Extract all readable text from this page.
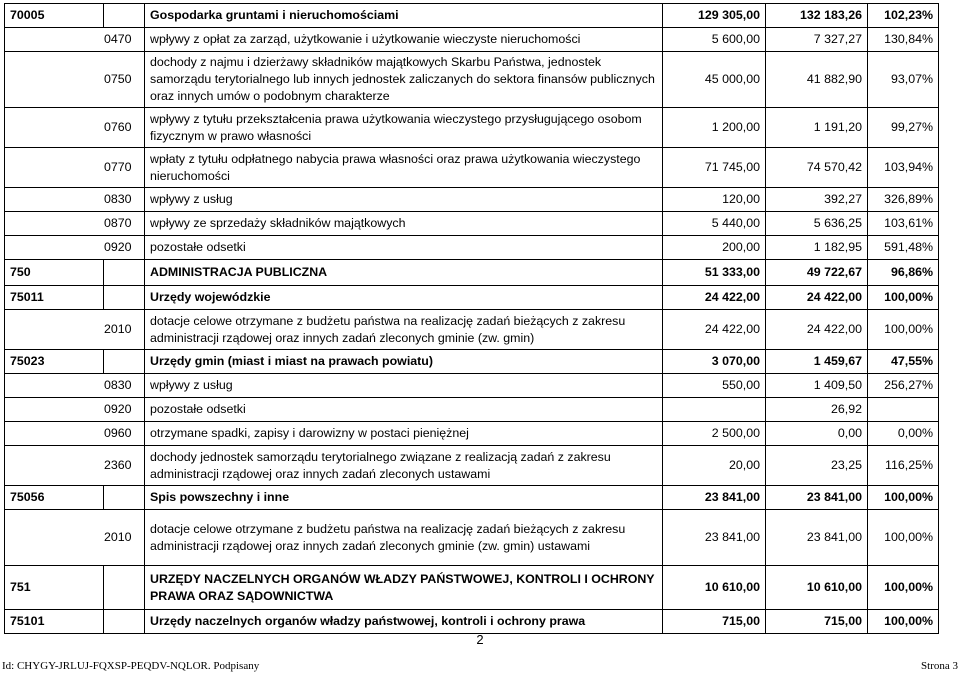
70005		Gospodarka gruntami i nieruchomościami	129 305,00	132 183,26	102,23%
	0470	wpływy z opłat za zarząd, użytkowanie i użytkowanie wieczyste nieruchomości	5 600,00	7 327,27	130,84%
	0750	dochody z najmu i dzierżawy składników majątkowych Skarbu Państwa, jednostek samorządu terytorialnego lub innych jednostek zaliczanych do sektora finansów publicznych oraz innych umów o podobnym charakterze	45 000,00	41 882,90	93,07%
	0760	wpływy z tytułu przekształcenia prawa użytkowania wieczystego przysługującego osobom fizycznym w prawo własności	1 200,00	1 191,20	99,27%
	0770	wpłaty z tytułu odpłatnego nabycia prawa własności oraz prawa użytkowania wieczystego nieruchomości	71 745,00	74 570,42	103,94%
	0830	wpływy z usług	120,00	392,27	326,89%
	0870	wpływy ze sprzedaży składników majątkowych	5 440,00	5 636,25	103,61%
	0920	pozostałe odsetki	200,00	1 182,95	591,48%
750		ADMINISTRACJA PUBLICZNA	51 333,00	49 722,67	96,86%
75011		Urzędy wojewódzkie	24 422,00	24 422,00	100,00%
	2010	dotacje celowe otrzymane z budżetu państwa na realizację zadań bieżących z zakresu administracji rządowej oraz innych zadań zleconych gminie (zw. gmin)	24 422,00	24 422,00	100,00%
75023		Urzędy gmin (miast i miast na prawach powiatu)	3 070,00	1 459,67	47,55%
	0830	wpływy z usług	550,00	1 409,50	256,27%
	0920	pozostałe odsetki		26,92	
	0960	otrzymane spadki, zapisy i darowizny w postaci pieniężnej	2 500,00	0,00	0,00%
	2360	dochody jednostek samorządu terytorialnego związane z realizacją zadań z zakresu administracji rządowej oraz innych zadań zleconych ustawami	20,00	23,25	116,25%
75056		Spis powszechny i inne	23 841,00	23 841,00	100,00%
	2010	dotacje celowe otrzymane z budżetu państwa na realizację zadań bieżących z zakresu administracji rządowej oraz innych zadań zleconych gminie (zw. gmin) ustawami	23 841,00	23 841,00	100,00%
751		URZĘDY NACZELNYCH ORGANÓW WŁADZY PAŃSTWOWEJ, KONTROLI I OCHRONY PRAWA ORAZ SĄDOWNICTWA	10 610,00	10 610,00	100,00%
75101		Urzędy naczelnych organów władzy państwowej, kontroli i ochrony prawa	715,00	715,00	100,00%
2
Id: CHYGY-JRLUJ-FQXSP-PEQDV-NQLOR. Podpisany	Strona 3
